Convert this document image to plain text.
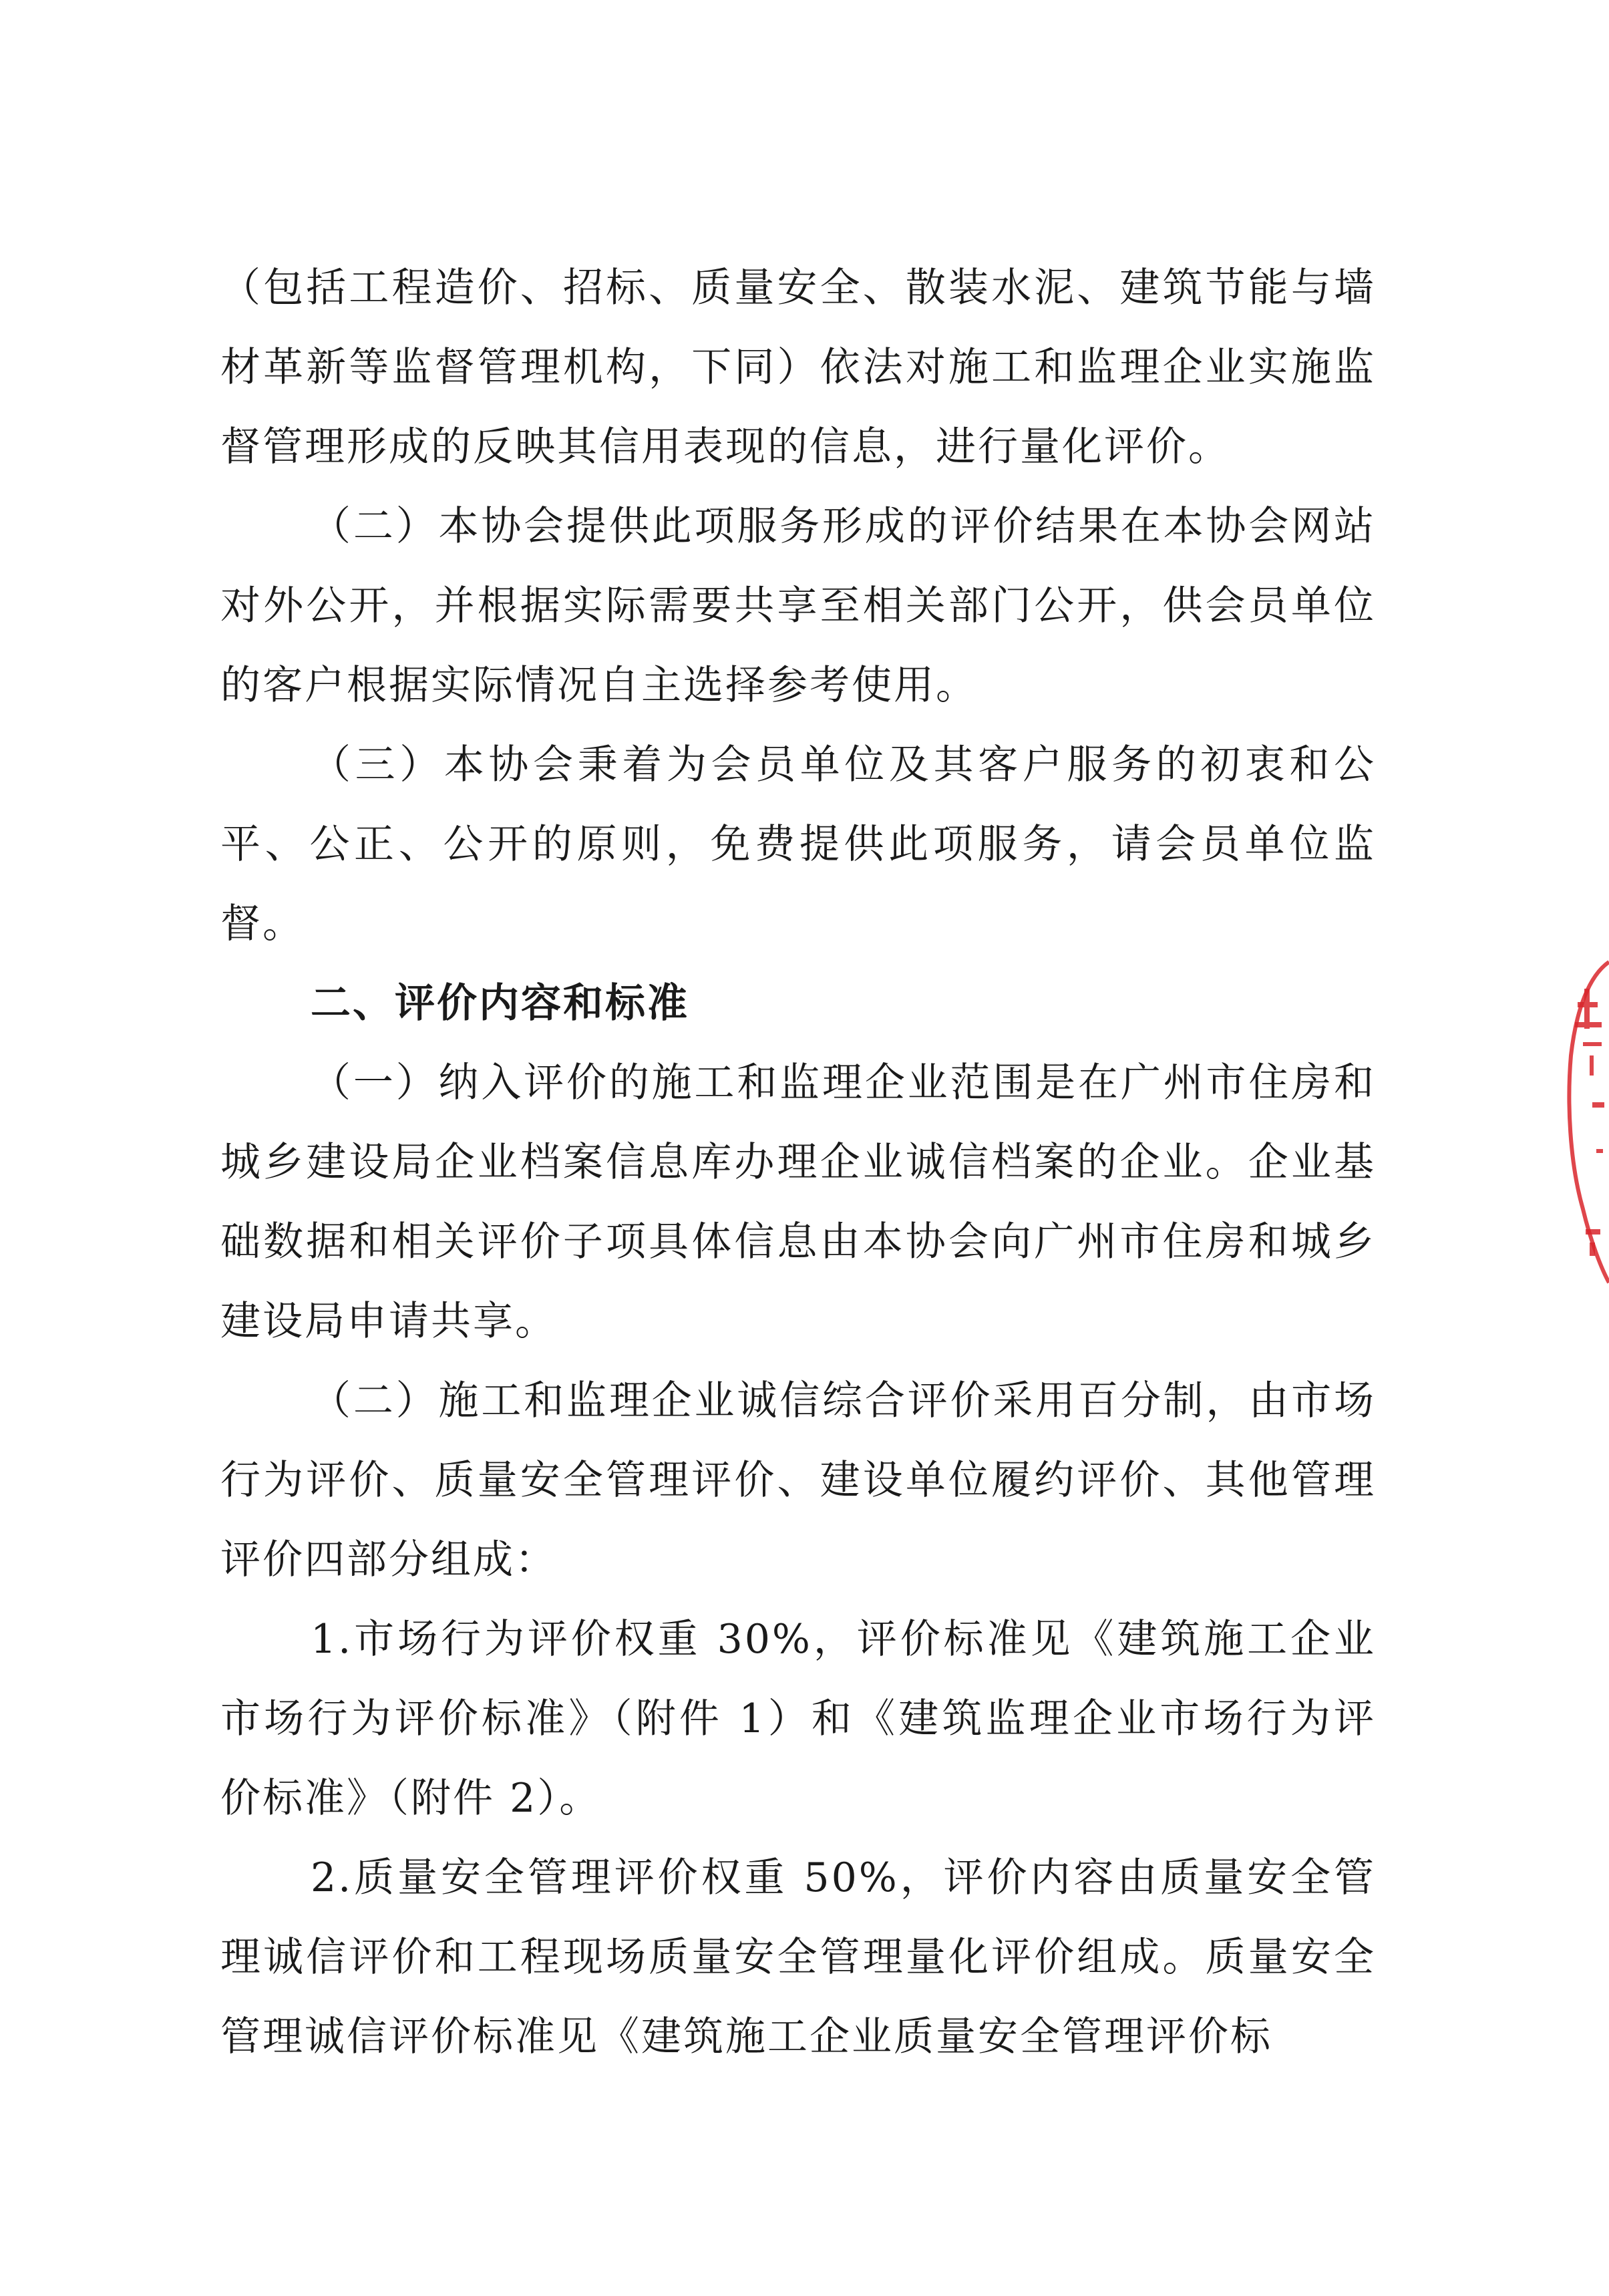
（包括工程造价、招标、质量安全、散装水泥、建筑节能与墙材革新等监督管理机构，下同）依法对施工和监理企业实施监督管理形成的反映其信用表现的信息，进行量化评价。

（二）本协会提供此项服务形成的评价结果在本协会网站对外公开，并根据实际需要共享至相关部门公开，供会员单位的客户根据实际情况自主选择参考使用。

（三）本协会秉着为会员单位及其客户服务的初衷和公平、公正、公开的原则，免费提供此项服务，请会员单位监督。

二、评价内容和标准

（一）纳入评价的施工和监理企业范围是在广州市住房和城乡建设局企业档案信息库办理企业诚信档案的企业。企业基础数据和相关评价子项具体信息由本协会向广州市住房和城乡建设局申请共享。

（二）施工和监理企业诚信综合评价采用百分制，由市场行为评价、质量安全管理评价、建设单位履约评价、其他管理评价四部分组成：

1.市场行为评价权重 30%，评价标准见《建筑施工企业市场行为评价标准》（附件 1）和《建筑监理企业市场行为评价标准》（附件 2）。

2.质量安全管理评价权重 50%，评价内容由质量安全管理诚信评价和工程现场质量安全管理量化评价组成。质量安全管理诚信评价标准见《建筑施工企业质量安全管理评价标
